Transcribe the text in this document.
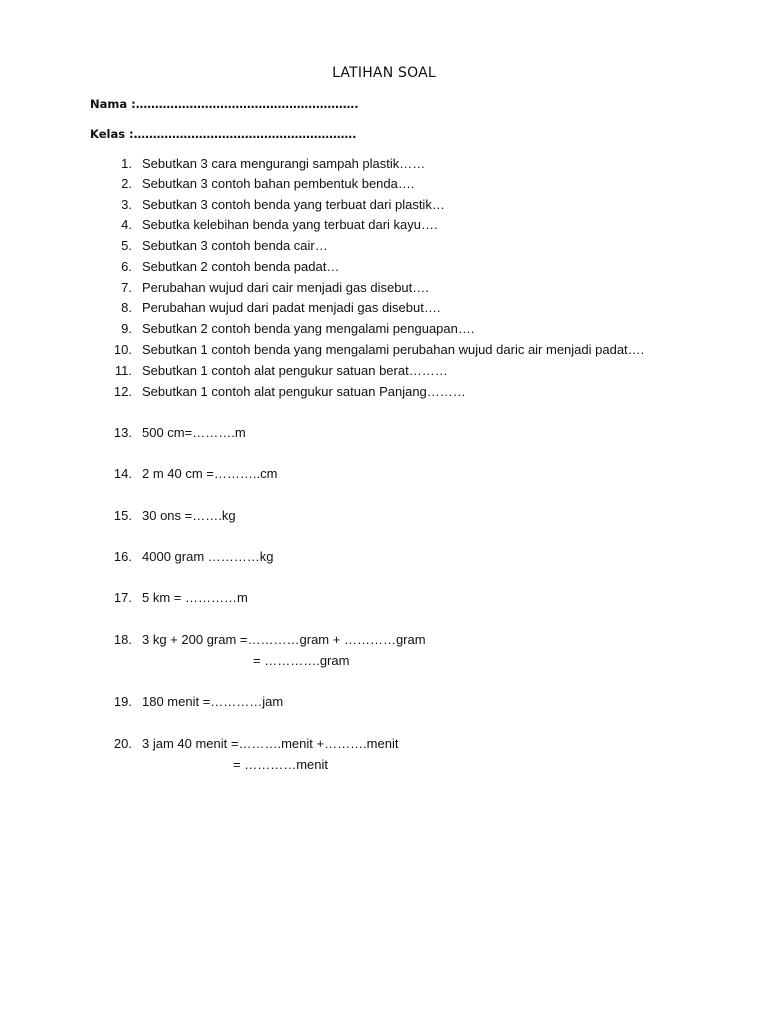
LATIHAN SOAL
Nama :………………………………………………….
Kelas :………………………………………………….
1. Sebutkan 3 cara mengurangi sampah plastik……
2. Sebutkan 3 contoh bahan pembentuk benda….
3. Sebutkan 3 contoh benda yang terbuat dari plastik…
4. Sebutka kelebihan benda yang terbuat dari kayu….
5. Sebutkan 3 contoh benda cair…
6. Sebutkan 2 contoh benda padat…
7. Perubahan wujud dari cair menjadi gas disebut….
8. Perubahan wujud dari padat menjadi gas disebut….
9. Sebutkan 2 contoh benda yang mengalami penguapan….
10. Sebutkan 1 contoh benda yang mengalami perubahan wujud daric air menjadi padat….
11. Sebutkan 1 contoh alat pengukur satuan berat………
12. Sebutkan 1 contoh alat pengukur satuan Panjang………
13. 500 cm=……….m
14. 2 m 40 cm =………..cm
15. 30 ons =…….kg
16. 4000 gram …………kg
17. 5 km = …………m
18. 3 kg + 200 gram =…………gram + …………gram
= ………….gram
19. 180 menit =…………jam
20. 3 jam 40 menit =……….menit +……….menit
= …………menit
